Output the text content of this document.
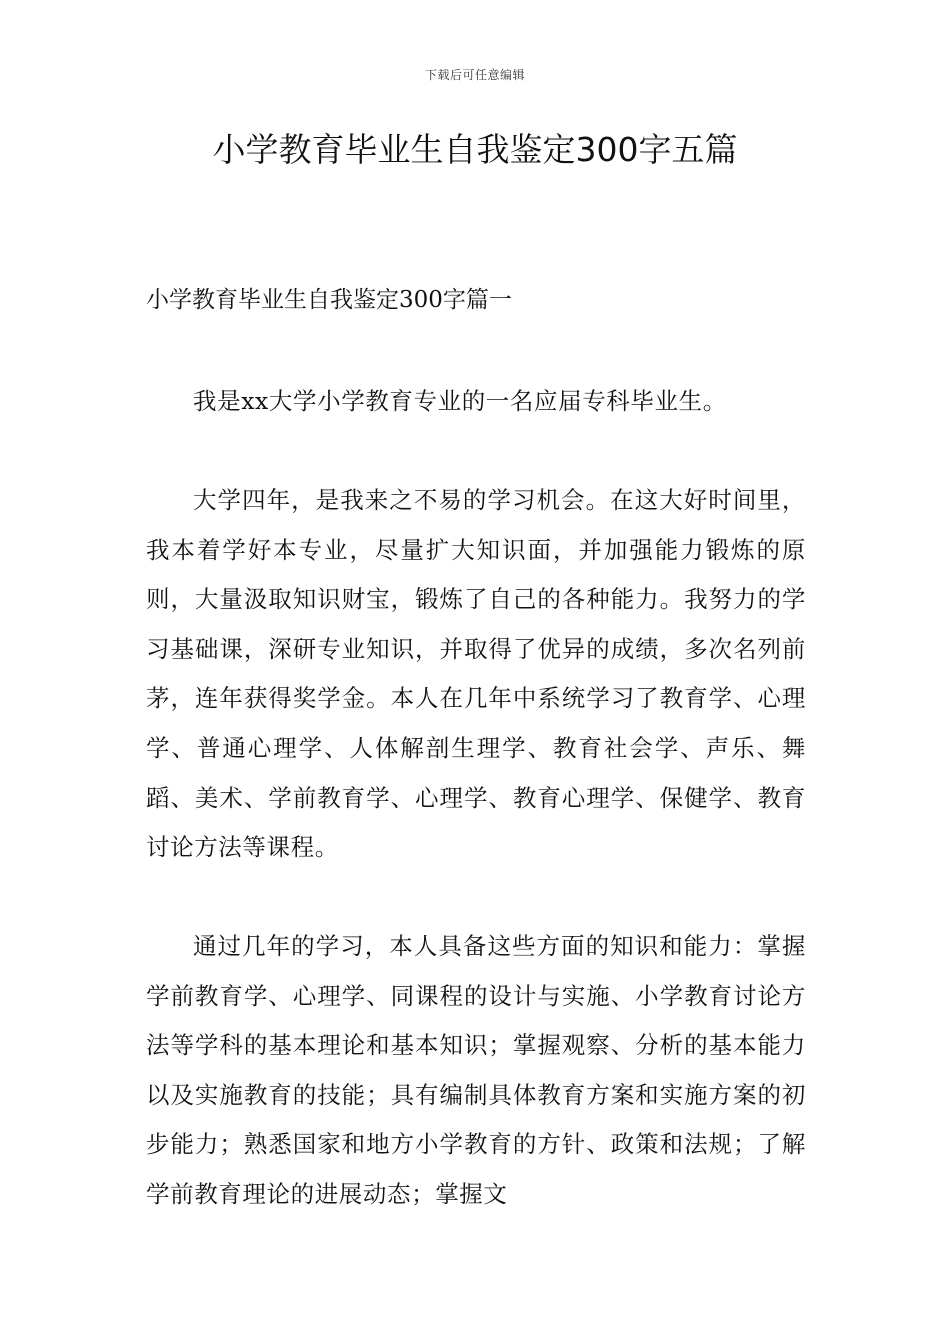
下载后可任意编辑
小学教育毕业生自我鉴定300字五篇
小学教育毕业生自我鉴定300字篇一

我是xx大学小学教育专业的一名应届专科毕业生。

大学四年，是我来之不易的学习机会。在这大好时间里，我本着学好本专业，尽量扩大知识面，并加强能力锻炼的原则，大量汲取知识财宝，锻炼了自己的各种能力。我努力的学习基础课，深研专业知识，并取得了优异的成绩，多次名列前茅，连年获得奖学金。本人在几年中系统学习了教育学、心理学、普通心理学、人体解剖生理学、教育社会学、声乐、舞蹈、美术、学前教育学、心理学、教育心理学、保健学、教育讨论方法等课程。

通过几年的学习，本人具备这些方面的知识和能力：掌握学前教育学、心理学、同课程的设计与实施、小学教育讨论方法等学科的基本理论和基本知识；掌握观察、分析的基本能力以及实施教育的技能；具有编制具体教育方案和实施方案的初步能力；熟悉国家和地方小学教育的方针、政策和法规；了解学前教育理论的进展动态；掌握文
